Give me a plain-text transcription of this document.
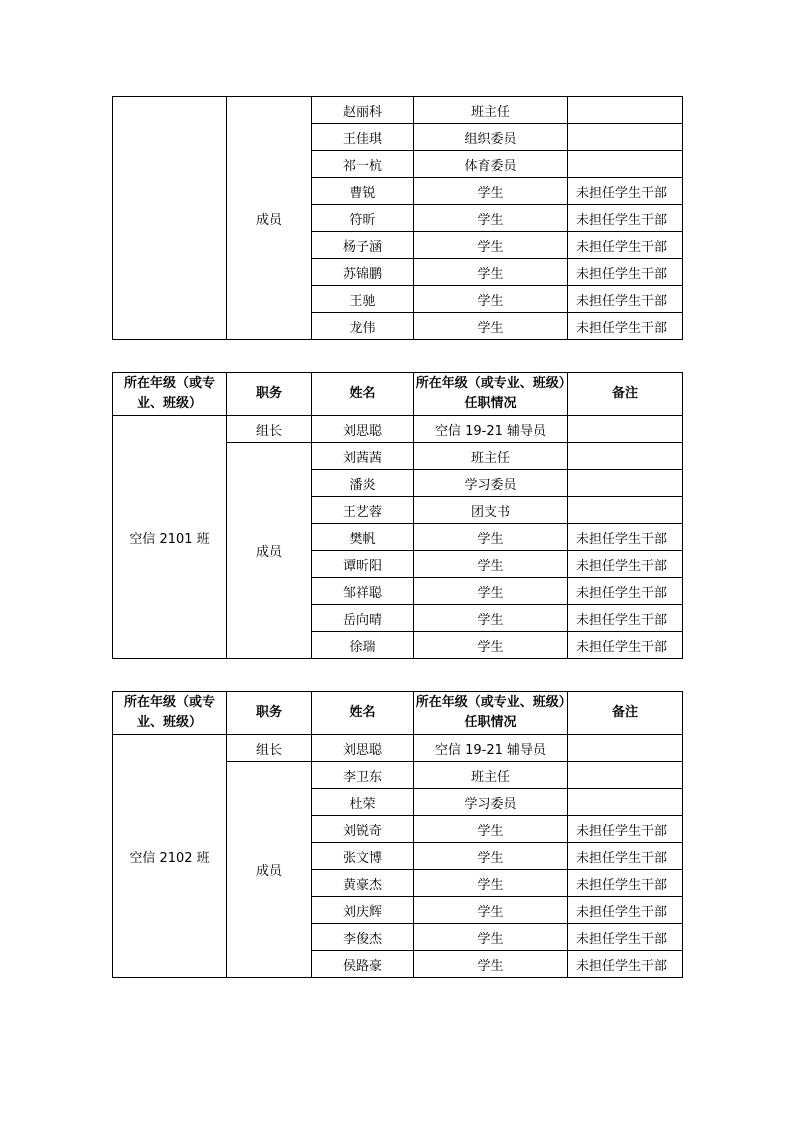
	成员	赵丽科	班主任	
		王佳琪	组织委员	
		祁一杭	体育委员	
		曹锐	学生	未担任学生干部
		符昕	学生	未担任学生干部
		杨子涵	学生	未担任学生干部
		苏锦鹏	学生	未担任学生干部
		王驰	学生	未担任学生干部
		龙伟	学生	未担任学生干部
所在年级（或专业、班级）	职务	姓名	所在年级（或专业、班级）任职情况	备注
空信 2101 班	组长	刘思聪	空信 19-21 辅导员	
	成员	刘茜茜	班主任	
		潘炎	学习委员	
		王艺蓉	团支书	
		樊帆	学生	未担任学生干部
		谭昕阳	学生	未担任学生干部
		邹祥聪	学生	未担任学生干部
		岳向晴	学生	未担任学生干部
		徐瑞	学生	未担任学生干部
所在年级（或专业、班级）	职务	姓名	所在年级（或专业、班级）任职情况	备注
空信 2102 班	组长	刘思聪	空信 19-21 辅导员	
	成员	李卫东	班主任	
		杜荣	学习委员	
		刘锐奇	学生	未担任学生干部
		张文博	学生	未担任学生干部
		黄豪杰	学生	未担任学生干部
		刘庆辉	学生	未担任学生干部
		李俊杰	学生	未担任学生干部
		侯路豪	学生	未担任学生干部
